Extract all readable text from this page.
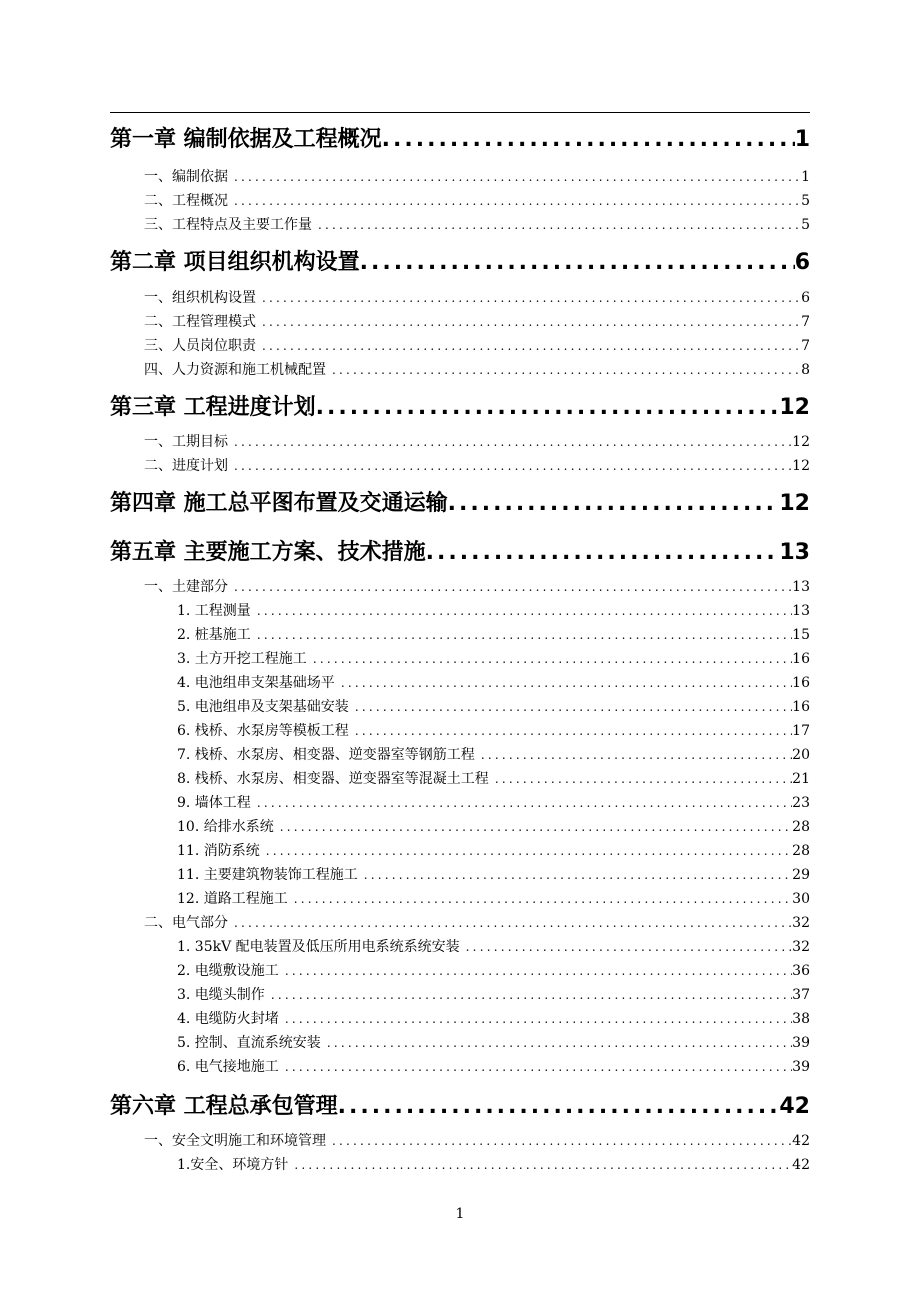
第一章 编制依据及工程概况 .....	1
一、编制依据 .....	1
二、工程概况 .....	5
三、工程特点及主要工作量 .....	5
第二章 项目组织机构设置 .....	6
一、组织机构设置 .....	6
二、工程管理模式 .....	7
三、人员岗位职责 .....	7
四、人力资源和施工机械配置 .....	8
第三章 工程进度计划 .....	12
一、工期目标 .....	12
二、进度计划 .....	12
第四章 施工总平图布置及交通运输 .....	12
第五章 主要施工方案、技术措施 .....	13
一、土建部分 .....	13
1. 工程测量 .....	13
2. 桩基施工 .....	15
3. 土方开挖工程施工 .....	16
4. 电池组串支架基础场平 .....	16
5. 电池组串及支架基础安装 .....	16
6. 栈桥、水泵房等模板工程 .....	17
7. 栈桥、水泵房、相变器、逆变器室等钢筋工程 .....	20
8. 栈桥、水泵房、相变器、逆变器室等混凝土工程 .....	21
9. 墙体工程 .....	23
10. 给排水系统 .....	28
11. 消防系统 .....	28
11. 主要建筑物装饰工程施工 .....	29
12. 道路工程施工 .....	30
二、电气部分 .....	32
1. 35kV 配电装置及低压所用电系统系统安装 .....	32
2. 电缆敷设施工 .....	36
3. 电缆头制作 .....	37
4. 电缆防火封堵 .....	38
5. 控制、直流系统安装 .....	39
6. 电气接地施工 .....	39
第六章 工程总承包管理 .....	42
一、安全文明施工和环境管理 .....	42
1.安全、环境方针 .....	42
1
